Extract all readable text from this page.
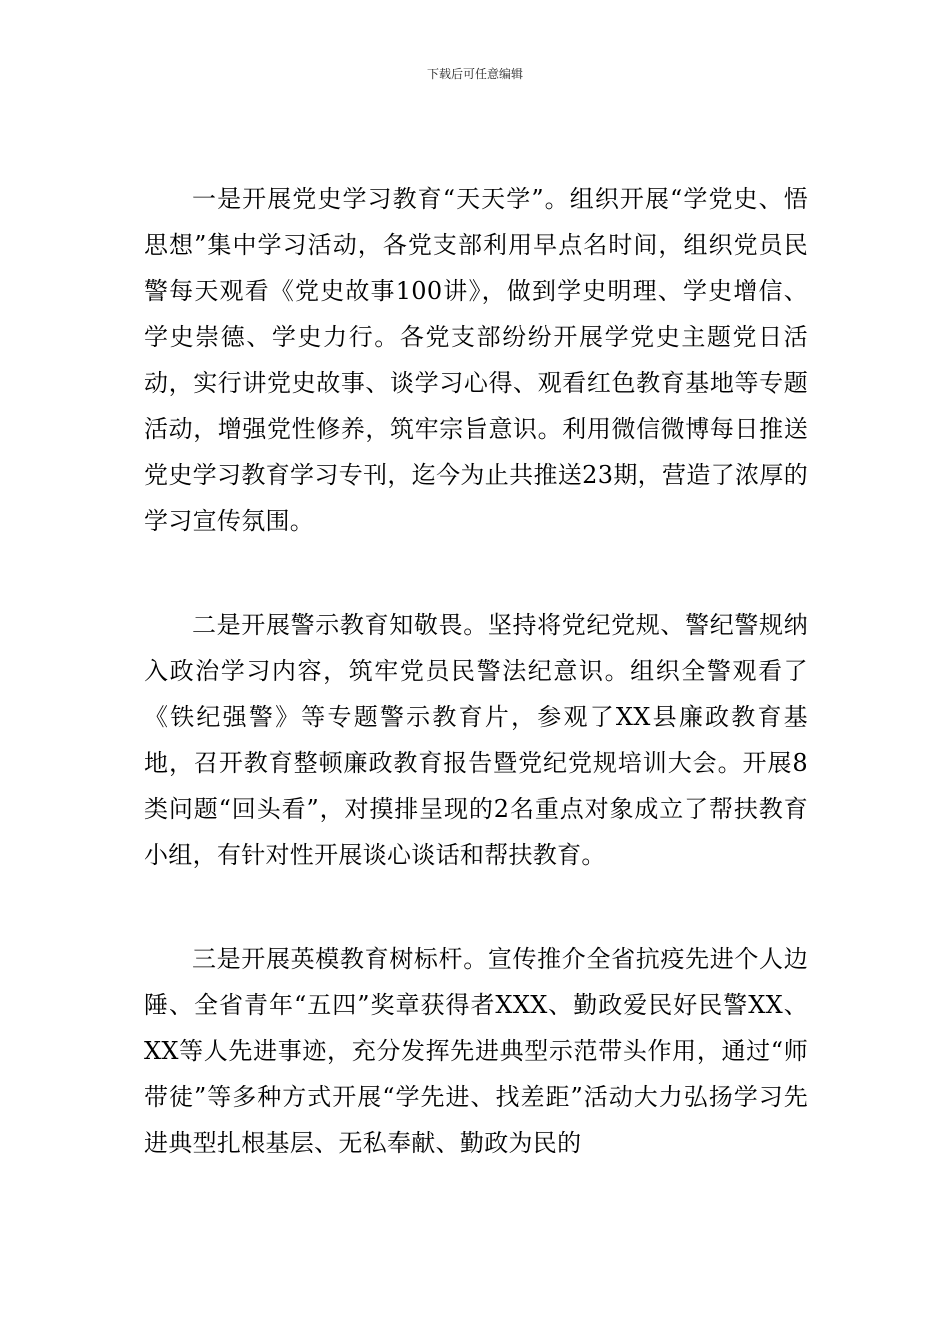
下载后可任意编辑

一是开展党史学习教育“天天学”。组织开展“学党史、悟思想”集中学习活动，各党支部利用早点名时间，组织党员民警每天观看《党史故事100讲》，做到学史明理、学史增信、学史崇德、学史力行。各党支部纷纷开展学党史主题党日活动，实行讲党史故事、谈学习心得、观看红色教育基地等专题活动，增强党性修养，筑牢宗旨意识。利用微信微博每日推送党史学习教育学习专刊，迄今为止共推送23期，营造了浓厚的学习宣传氛围。

二是开展警示教育知敬畏。坚持将党纪党规、警纪警规纳入政治学习内容，筑牢党员民警法纪意识。组织全警观看了《铁纪强警》等专题警示教育片，参观了XX县廉政教育基地，召开教育整顿廉政教育报告暨党纪党规培训大会。开展8类问题“回头看”，对摸排呈现的2名重点对象成立了帮扶教育小组，有针对性开展谈心谈话和帮扶教育。

三是开展英模教育树标杆。宣传推介全省抗疫先进个人边陲、全省青年“五四”奖章获得者XXX、勤政爱民好民警XX、XX等人先进事迹，充分发挥先进典型示范带头作用，通过“师带徒”等多种方式开展“学先进、找差距”活动大力弘扬学习先进典型扎根基层、无私奉献、勤政为民的
